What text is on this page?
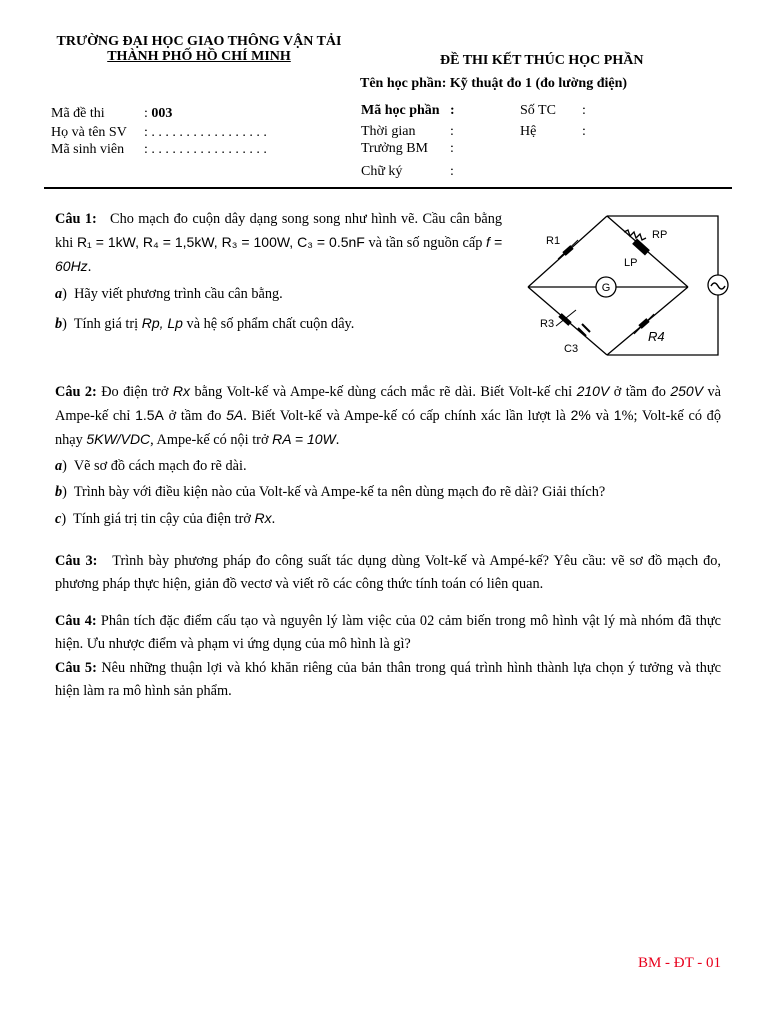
TRƯỜNG ĐẠI HỌC GIAO THÔNG VẬN TẢI
THÀNH PHỐ HỒ CHÍ MINH	ĐỀ THI KẾT THÚC HỌC PHẦN
Tên học phần: Kỹ thuật đo 1 (đo lường điện)
Mã đề thi	: 003
Họ và tên SV : . . . . . . . . . . . . . . . . .
Mã sinh viên : . . . . . . . . . . . . . . . . .
Mã học phần :
Thời gian :
Trưởng BM :
Chữ ký	:
Số TC :
Hệ	:
Câu 1: Cho mạch đo cuộn dây dạng song song như hình vẽ. Cầu cân bằng khi R₁ = 1kW, R₄ = 1,5kW, R₃ = 100W, C₃ = 0.5nF và tần số nguồn cấp f = 60Hz.
a)  Hãy viết phương trình cầu cân bằng.
b)  Tính giá trị Rp, Lp và hệ số phẩm chất cuộn dây.
G
R1	RP
LP
R3
C3
R4
Câu 2: Đo điện trở Rx bằng Volt-kế và Ampe-kế dùng cách mắc rẽ dài. Biết Volt-kế chỉ 210V ở tầm đo 250V và Ampe-kế chỉ 1.5A ở tầm đo 5A. Biết Volt-kế và Ampe-kế có cấp chính xác lần lượt là 2% và 1%; Volt-kế có độ nhạy 5KW/VDC, Ampe-kế có nội trở RA = 10W.
a)  Vẽ sơ đồ cách mạch đo rẽ dài.
b)  Trình bày với điều kiện nào của Volt-kế và Ampe-kế ta nên dùng mạch đo rẽ dài? Giải thích?
c)  Tính giá trị tin cậy của điện trở Rx.
Câu 3: Trình bày phương pháp đo công suất tác dụng dùng Volt-kế và Ampé-kế? Yêu cầu: vẽ sơ đồ mạch đo, phương pháp thực hiện, giản đồ vectơ và viết rõ các công thức tính toán có liên quan.
Câu 4: Phân tích đặc điểm cấu tạo và nguyên lý làm việc của 02 cảm biến trong mô hình vật lý mà nhóm đã thực hiện. Ưu nhược điểm và phạm vi ứng dụng của mô hình là gì?
Câu 5: Nêu những thuận lợi và khó khăn riêng của bản thân trong quá trình hình thành lựa chọn ý tưởng và thực hiện làm ra mô hình sản phẩm.
BM - ĐT - 01
